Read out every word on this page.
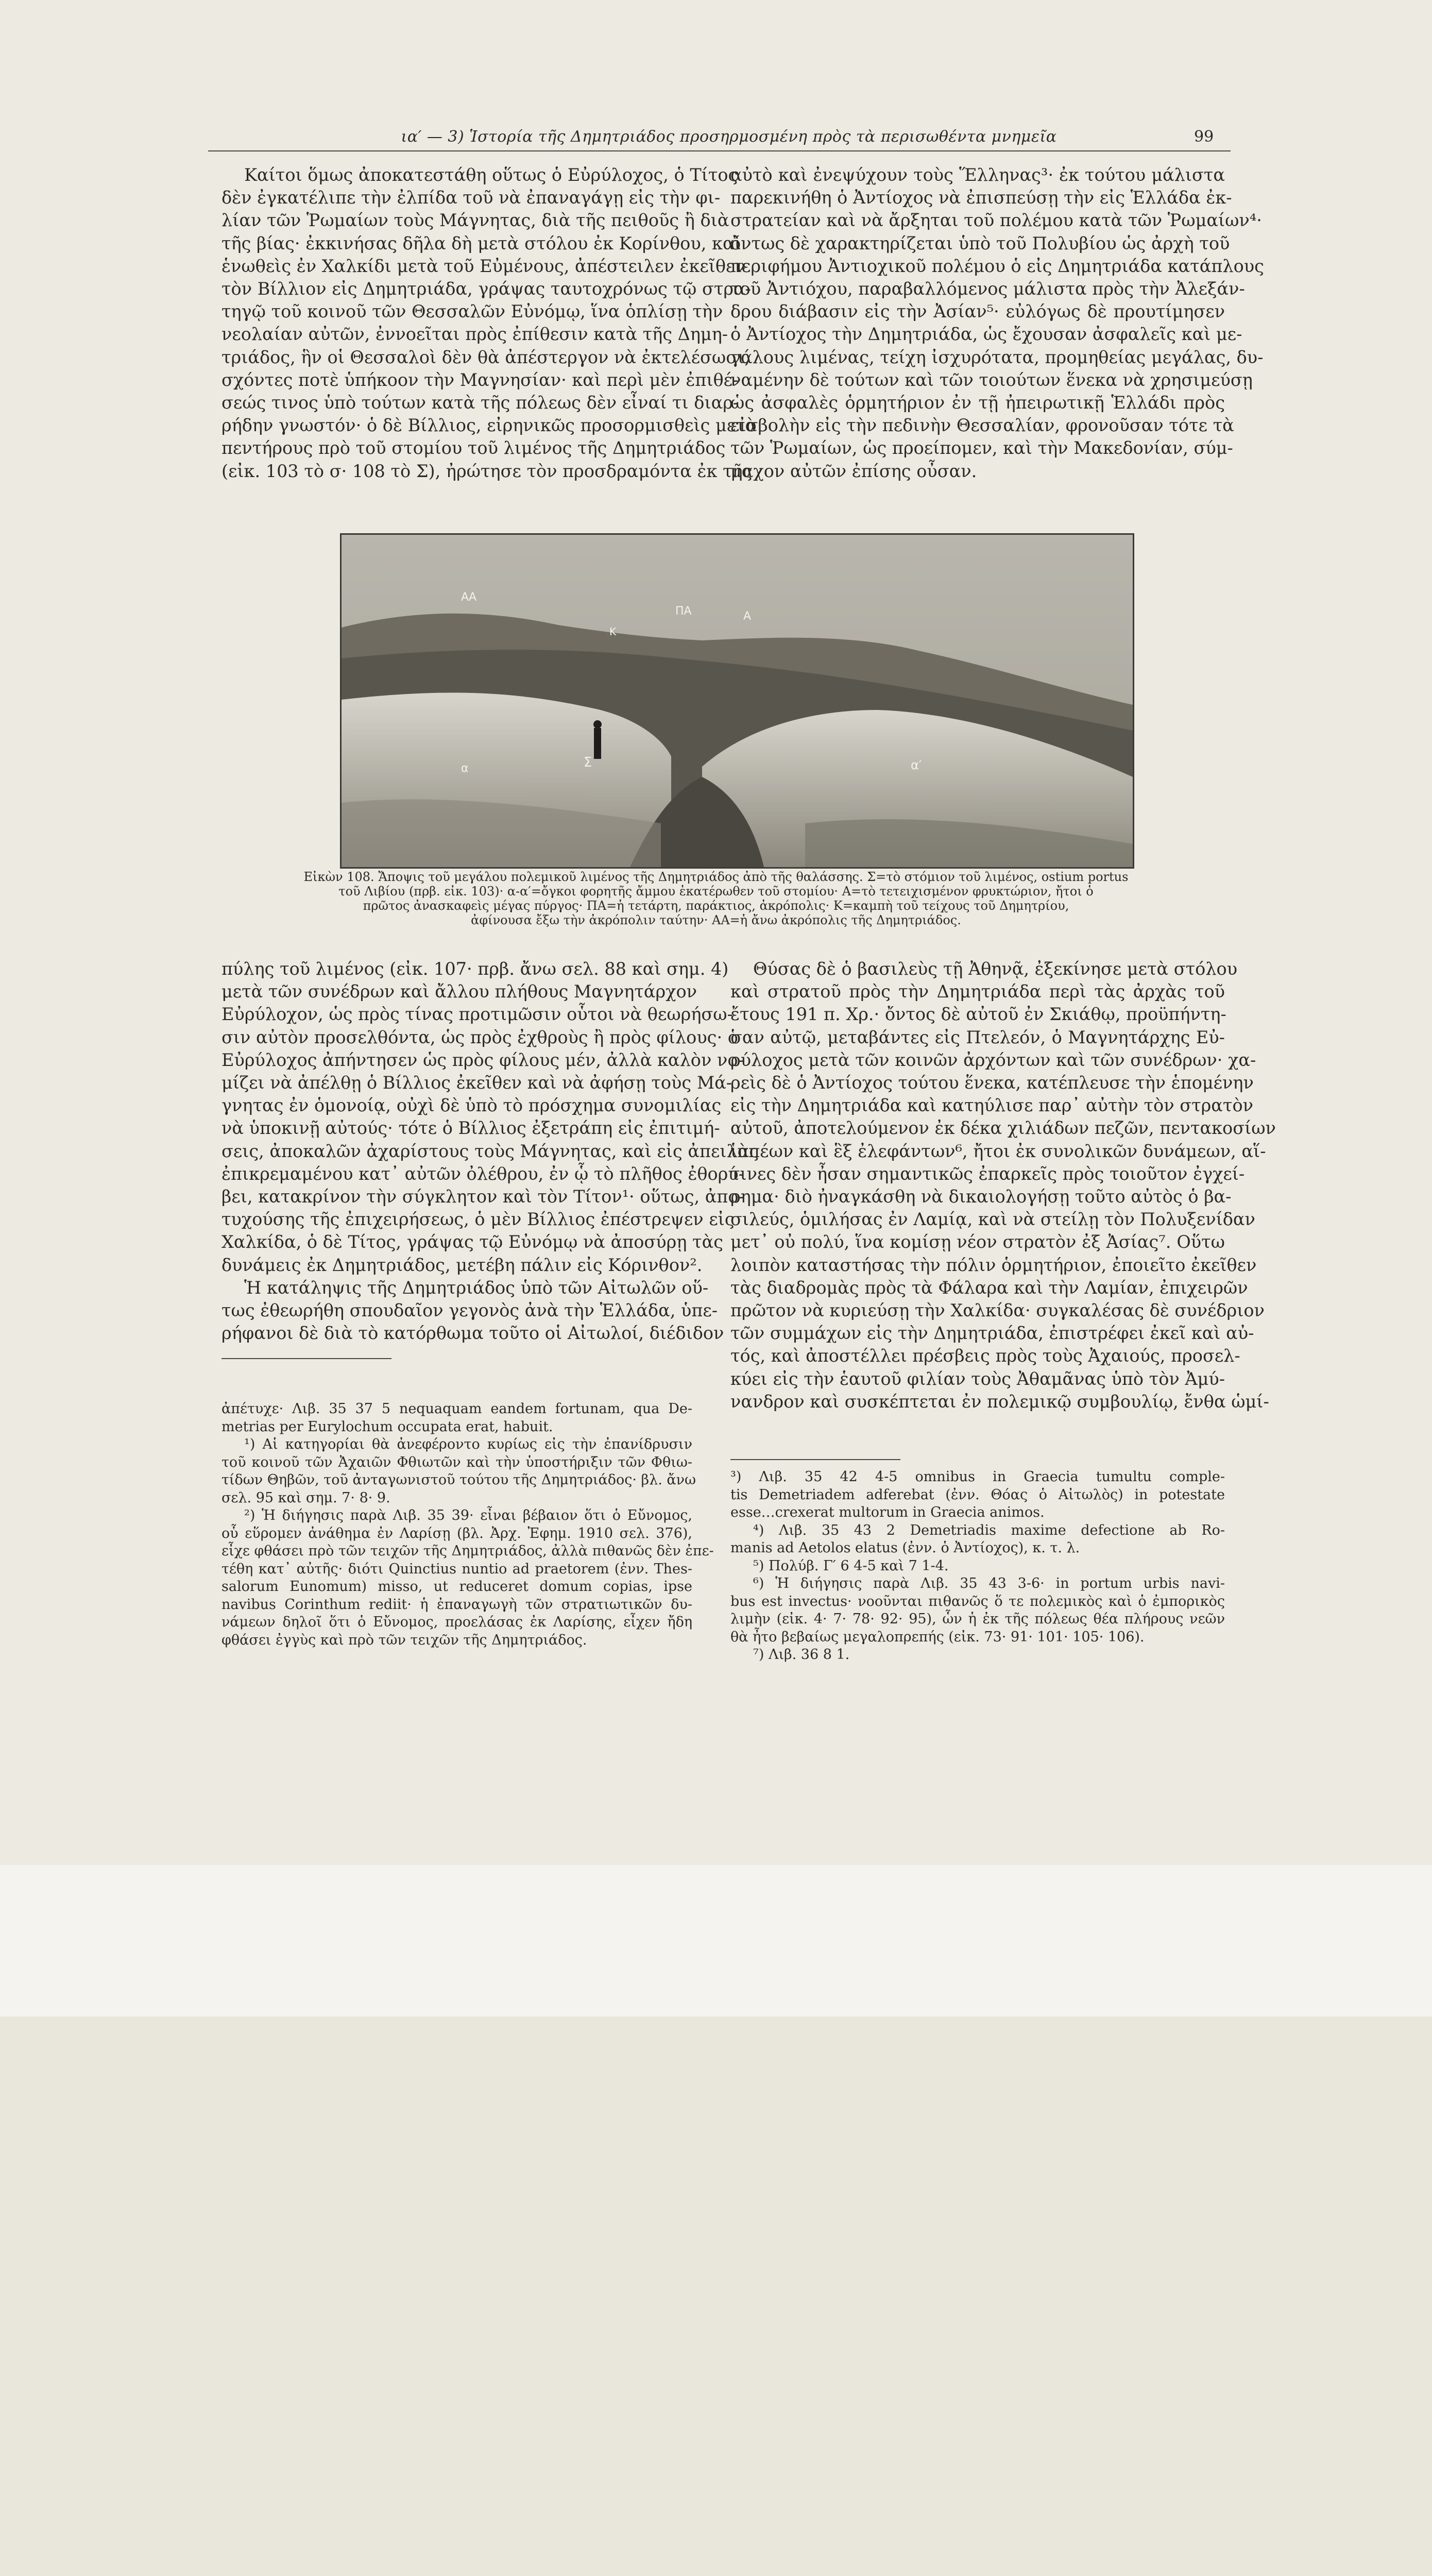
ια′ — 3) Ἱστορία τῆς Δημητριάδος προσηρμοσμένη πρὸς τὰ περισωθέντα μνημεῖα	99
Καίτοι ὅμως ἀποκατεστάθη οὕτως ὁ Εὐρύλοχος, ὁ Τίτος
δὲν ἐγκατέλιπε τὴν ἐλπίδα τοῦ νὰ ἐπαναγάγῃ εἰς τὴν φι-
λίαν τῶν Ῥωμαίων τοὺς Μάγνητας, διὰ τῆς πειθοῦς ἢ διὰ
τῆς βίας· ἐκκινήσας δῆλα δὴ μετὰ στόλου ἐκ Κορίνθου, καὶ
ἑνωθεὶς ἐν Χαλκίδι μετὰ τοῦ Εὐμένους, ἀπέστειλεν ἐκεῖθεν
τὸν Βίλλιον εἰς Δημητριάδα, γράψας ταυτοχρόνως τῷ στρα-
τηγῷ τοῦ κοινοῦ τῶν Θεσσαλῶν Εὐνόμῳ, ἵνα ὁπλίσῃ τὴν
νεολαίαν αὐτῶν, ἐννοεῖται πρὸς ἐπίθεσιν κατὰ τῆς Δημη-
τριάδος, ἣν οἱ Θεσσαλοὶ δὲν θὰ ἀπέστεργον νὰ ἐκτελέσωσι,
σχόντες ποτὲ ὑπήκοον τὴν Μαγνησίαν· καὶ περὶ μὲν ἐπιθέ-
σεώς τινος ὑπὸ τούτων κατὰ τῆς πόλεως δὲν εἶναί τι διαρ-
ρήδην γνωστόν· ὁ δὲ Βίλλιος, εἰρηνικῶς προσορμισθεὶς μετὰ
πεντήρους πρὸ τοῦ στομίου τοῦ λιμένος τῆς Δημητριάδος
(εἰκ. 103 τὸ σ· 108 τὸ Σ), ἠρώτησε τὸν προσδραμόντα ἐκ τῆς
αὐτὸ καὶ ἐνεψύχουν τοὺς Ἕλληνας³· ἐκ τούτου μάλιστα
παρεκινήθη ὁ Ἀντίοχος νὰ ἐπισπεύσῃ τὴν εἰς Ἑλλάδα ἐκ-
στρατείαν καὶ νὰ ἄρξηται τοῦ πολέμου κατὰ τῶν Ῥωμαίων⁴·
ὄντως δὲ χαρακτηρίζεται ὑπὸ τοῦ Πολυβίου ὡς ἀρχὴ τοῦ
περιφήμου Ἀντιοχικοῦ πολέμου ὁ εἰς Δημητριάδα κατάπλους
τοῦ Ἀντιόχου, παραβαλλόμενος μάλιστα πρὸς τὴν Ἀλεξάν-
δρου διάβασιν εἰς τὴν Ἀσίαν⁵· εὐλόγως δὲ προυτίμησεν
ὁ Ἀντίοχος τὴν Δημητριάδα, ὡς ἔχουσαν ἀσφαλεῖς καὶ με-
γάλους λιμένας, τείχη ἰσχυρότατα, προμηθείας μεγάλας, δυ-
ναμένην δὲ τούτων καὶ τῶν τοιούτων ἕνεκα νὰ χρησιμεύσῃ
ὡς ἀσφαλὲς ὁρμητήριον ἐν τῇ ἠπειρωτικῇ Ἑλλάδι πρὸς
εἰσβολὴν εἰς τὴν πεδινὴν Θεσσαλίαν, φρονοῦσαν τότε τὰ
τῶν Ῥωμαίων, ὡς προείπομεν, καὶ τὴν Μακεδονίαν, σύμ-
μαχον αὐτῶν ἐπίσης οὖσαν.
ΑΑ
ΠΑ	Α
Κ
Σ	α′
α
Εἰκὼν 108. Ἄποψις τοῦ μεγάλου πολεμικοῦ λιμένος τῆς Δημητριάδος ἀπὸ τῆς θαλάσσης. Σ=τὸ στόμιον τοῦ λιμένος, ostium portus
τοῦ Λιβίου (πρβ. εἰκ. 103)· α-α′=ὄγκοι φορητῆς ἄμμου ἑκατέρωθεν τοῦ στομίου· Α=τὸ τετειχισμένον φρυκτώριον, ἤτοι ὁ
πρῶτος ἀνασκαφεὶς μέγας πύργος· ΠΑ=ἡ τετάρτη, παράκτιος, ἀκρόπολις· Κ=καμπὴ τοῦ τείχους τοῦ Δημητρίου,
ἀφίνουσα ἔξω τὴν ἀκρόπολιν ταύτην· ΑΑ=ἡ ἄνω ἀκρόπολις τῆς Δημητριάδος.
πύλης τοῦ λιμένος (εἰκ. 107· πρβ. ἄνω σελ. 88 καὶ σημ. 4)
μετὰ τῶν συνέδρων καὶ ἄλλου πλήθους Μαγνητάρχον
Εὐρύλοχον, ὡς πρὸς τίνας προτιμῶσιν οὗτοι νὰ θεωρήσω-
σιν αὐτὸν προσελθόντα, ὡς πρὸς ἐχθροὺς ἢ πρὸς φίλους· ὁ
Εὐρύλοχος ἀπήντησεν ὡς πρὸς φίλους μέν, ἀλλὰ καλὸν νο-
μίζει νὰ ἀπέλθῃ ὁ Βίλλιος ἐκεῖθεν καὶ νὰ ἀφήσῃ τοὺς Μά-
γνητας ἐν ὁμονοίᾳ, οὐχὶ δὲ ὑπὸ τὸ πρόσχημα συνομιλίας
νὰ ὑποκινῇ αὐτούς· τότε ὁ Βίλλιος ἐξετράπη εἰς ἐπιτιμή-
σεις, ἀποκαλῶν ἀχαρίστους τοὺς Μάγνητας, καὶ εἰς ἀπειλὰς
ἐπικρεμαμένου κατ᾽ αὐτῶν ὀλέθρου, ἐν ᾧ τὸ πλῆθος ἐθορύ-
βει, κατακρίνον τὴν σύγκλητον καὶ τὸν Τίτον¹· οὕτως, ἀπο-
τυχούσης τῆς ἐπιχειρήσεως, ὁ μὲν Βίλλιος ἐπέστρεψεν εἰς
Χαλκίδα, ὁ δὲ Τίτος, γράψας τῷ Εὐνόμῳ νὰ ἀποσύρῃ τὰς
δυνάμεις ἐκ Δημητριάδος, μετέβη πάλιν εἰς Κόρινθον².
Ἡ κατάληψις τῆς Δημητριάδος ὑπὸ τῶν Αἰτωλῶν οὕ-
τως ἐθεωρήθη σπουδαῖον γεγονὸς ἀνὰ τὴν Ἑλλάδα, ὑπε-
ρήφανοι δὲ διὰ τὸ κατόρθωμα τοῦτο οἱ Αἰτωλοί, διέδιδον
Θύσας δὲ ὁ βασιλεὺς τῇ Ἀθηνᾷ, ἐξεκίνησε μετὰ στόλου
καὶ στρατοῦ πρὸς τὴν Δημητριάδα περὶ τὰς ἀρχὰς τοῦ
ἔτους 191 π. Χρ.· ὄντος δὲ αὐτοῦ ἐν Σκιάθῳ, προϋπήντη-
σαν αὐτῷ, μεταβάντες εἰς Πτελεόν, ὁ Μαγνητάρχης Εὐ-
ρύλοχος μετὰ τῶν κοινῶν ἀρχόντων καὶ τῶν συνέδρων· χα-
ρεὶς δὲ ὁ Ἀντίοχος τούτου ἕνεκα, κατέπλευσε τὴν ἑπομένην
εἰς τὴν Δημητριάδα καὶ κατηύλισε παρ᾽ αὐτὴν τὸν στρατὸν
αὐτοῦ, ἀποτελούμενον ἐκ δέκα χιλιάδων πεζῶν, πεντακοσίων
ἱππέων καὶ ἓξ ἐλεφάντων⁶, ἤτοι ἐκ συνολικῶν δυνάμεων, αἵ-
τινες δὲν ἦσαν σημαντικῶς ἐπαρκεῖς πρὸς τοιοῦτον ἐγχεί-
ρημα· διὸ ἠναγκάσθη νὰ δικαιολογήσῃ τοῦτο αὐτὸς ὁ βα-
σιλεύς, ὁμιλήσας ἐν Λαμίᾳ, καὶ νὰ στείλῃ τὸν Πολυξενίδαν
μετ᾽ οὐ πολύ, ἵνα κομίσῃ νέον στρατὸν ἐξ Ἀσίας⁷. Οὕτω
λοιπὸν καταστήσας τὴν πόλιν ὁρμητήριον, ἐποιεῖτο ἐκεῖθεν
τὰς διαδρομὰς πρὸς τὰ Φάλαρα καὶ τὴν Λαμίαν, ἐπιχειρῶν
πρῶτον νὰ κυριεύσῃ τὴν Χαλκίδα· συγκαλέσας δὲ συνέδριον
τῶν συμμάχων εἰς τὴν Δημητριάδα, ἐπιστρέφει ἐκεῖ καὶ αὐ-
τός, καὶ ἀποστέλλει πρέσβεις πρὸς τοὺς Ἀχαιούς, προσελ-
κύει εἰς τὴν ἑαυτοῦ φιλίαν τοὺς Ἀθαμᾶνας ὑπὸ τὸν Ἀμύ-
νανδρον καὶ συσκέπτεται ἐν πολεμικῷ συμβουλίῳ, ἔνθα ὡμί-
ἀπέτυχε· Λιβ. 35 37 5 nequaquam eandem fortunam, qua De-
metrias per Eurylochum occupata erat, habuit.
¹) Αἱ κατηγορίαι θὰ ἀνεφέροντο κυρίως εἰς τὴν ἐπανίδρυσιν
τοῦ κοινοῦ τῶν Ἀχαιῶν Φθιωτῶν καὶ τὴν ὑποστήριξιν τῶν Φθιω-
τίδων Θηβῶν, τοῦ ἀνταγωνιστοῦ τούτου τῆς Δημητριάδος· βλ. ἄνω
σελ. 95 καὶ σημ. 7· 8· 9.
²) Ἡ διήγησις παρὰ Λιβ. 35 39· εἶναι βέβαιον ὅτι ὁ Εὔνομος,
οὗ εὕρομεν ἀνάθημα ἐν Λαρίσῃ (βλ. Ἀρχ. Ἐφημ. 1910 σελ. 376),
εἶχε φθάσει πρὸ τῶν τειχῶν τῆς Δημητριάδος, ἀλλὰ πιθανῶς δὲν ἐπε-
τέθη κατ᾽ αὐτῆς· διότι Quinctius nuntio ad praetorem (ἐνν. Thes-
salorum Eunomum) misso, ut reduceret domum copias, ipse
navibus Corinthum rediit· ἡ ἐπαναγωγὴ τῶν στρατιωτικῶν δυ-
νάμεων δηλοῖ ὅτι ὁ Εὔνομος, προελάσας ἐκ Λαρίσης, εἶχεν ἤδη
φθάσει ἐγγὺς καὶ πρὸ τῶν τειχῶν τῆς Δημητριάδος.
³) Λιβ. 35 42 4-5 omnibus in Graecia tumultu comple-
tis Demetriadem adferebat (ἐνν. Θόας ὁ Αἰτωλὸς) in potestate
esse…crexerat multorum in Graecia animos.
⁴) Λιβ. 35 43 2 Demetriadis maxime defectione ab Ro-
manis ad Aetolos elatus (ἐνν. ὁ Ἀντίοχος), κ. τ. λ.
⁵) Πολύβ. Γ′ 6 4-5 καὶ 7 1-4.
⁶) Ἡ διήγησις παρὰ Λιβ. 35 43 3-6· in portum urbis navi-
bus est invectus· νοοῦνται πιθανῶς ὅ τε πολεμικὸς καὶ ὁ ἐμπορικὸς
λιμὴν (εἰκ. 4· 7· 78· 92· 95), ὧν ἡ ἐκ τῆς πόλεως θέα πλήρους νεῶν
θὰ ἦτο βεβαίως μεγαλοπρεπής (εἰκ. 73· 91· 101· 105· 106).
⁷) Λιβ. 36 8 1.
